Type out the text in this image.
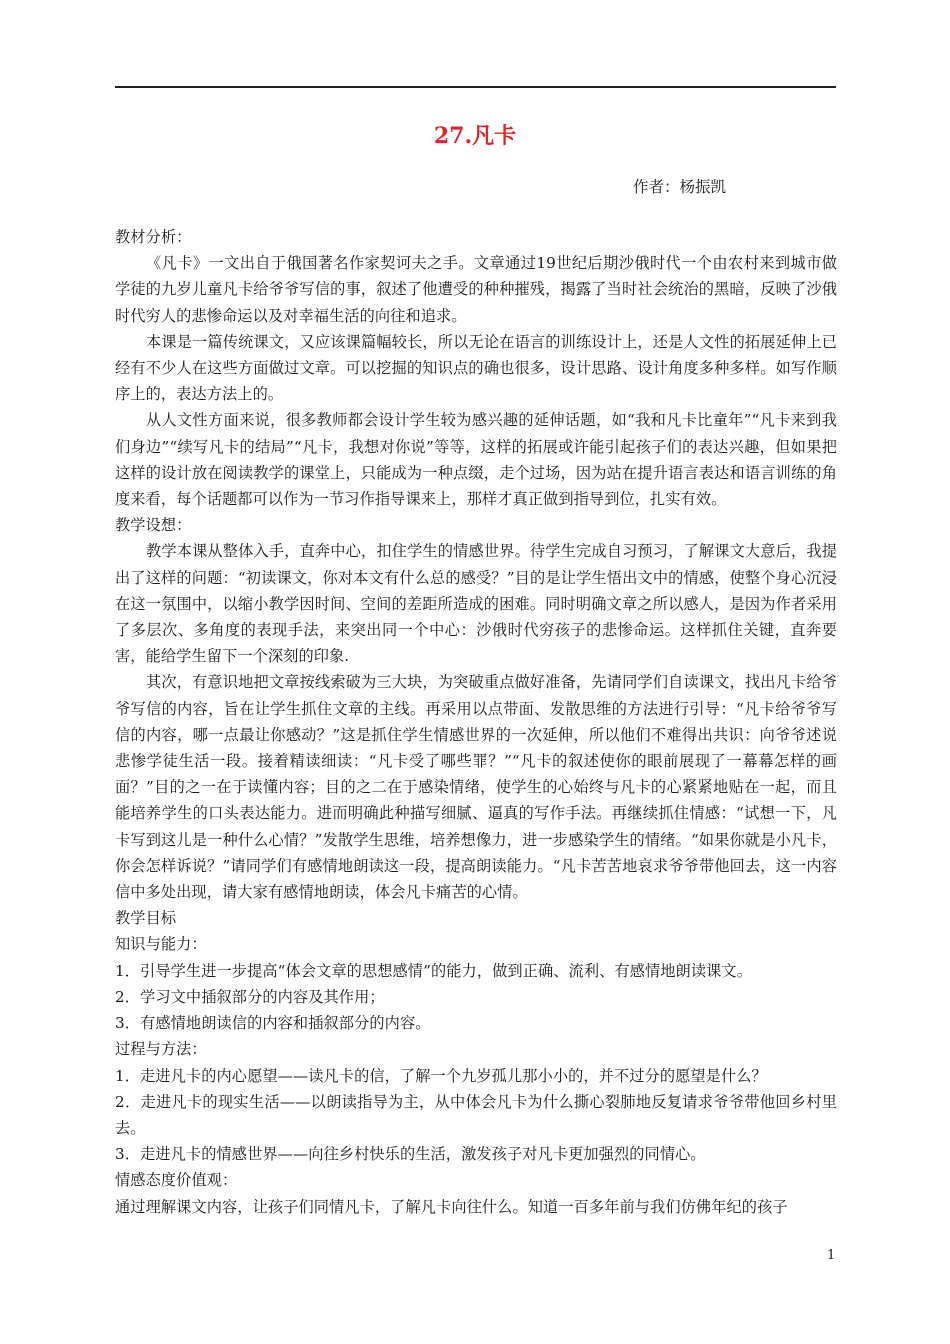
27.凡卡
作者：杨振凯

教材分析：

《凡卡》一文出自于俄国著名作家契诃夫之手。文章通过19世纪后期沙俄时代一个由农村来到城市做学徒的九岁儿童凡卡给爷爷写信的事，叙述了他遭受的种种摧残，揭露了当时社会统治的黑暗，反映了沙俄时代穷人的悲惨命运以及对幸福生活的向往和追求。

本课是一篇传统课文，又应该课篇幅较长，所以无论在语言的训练设计上，还是人文性的拓展延伸上已经有不少人在这些方面做过文章。可以挖掘的知识点的确也很多，设计思路、设计角度多种多样。如写作顺序上的，表达方法上的。

从人文性方面来说，很多教师都会设计学生较为感兴趣的延伸话题，如“我和凡卡比童年”“凡卡来到我们身边”“续写凡卡的结局”“凡卡，我想对你说”等等，这样的拓展或许能引起孩子们的表达兴趣，但如果把这样的设计放在阅读教学的课堂上，只能成为一种点缀，走个过场，因为站在提升语言表达和语言训练的角度来看，每个话题都可以作为一节习作指导课来上，那样才真正做到指导到位，扎实有效。

教学设想：

教学本课从整体入手，直奔中心，扣住学生的情感世界。待学生完成自习预习，了解课文大意后，我提出了这样的问题：“初读课文，你对本文有什么总的感受？”目的是让学生悟出文中的情感，使整个身心沉浸在这一氛围中，以缩小教学因时间、空间的差距所造成的困难。同时明确文章之所以感人，是因为作者采用了多层次、多角度的表现手法，来突出同一个中心：沙俄时代穷孩子的悲惨命运。这样抓住关键，直奔要害，能给学生留下一个深刻的印象.

其次，有意识地把文章按线索破为三大块，为突破重点做好准备，先请同学们自读课文，找出凡卡给爷爷写信的内容，旨在让学生抓住文章的主线。再采用以点带面、发散思维的方法进行引导：“凡卡给爷爷写信的内容，哪一点最让你感动？”这是抓住学生情感世界的一次延伸，所以他们不难得出共识：向爷爷述说悲惨学徒生活一段。接着精读细读：“凡卡受了哪些罪？”“凡卡的叙述使你的眼前展现了一幕幕怎样的画面？”目的之一在于读懂内容；目的之二在于感染情绪，使学生的心始终与凡卡的心紧紧地贴在一起，而且能培养学生的口头表达能力。进而明确此种描写细腻、逼真的写作手法。再继续抓住情感：“试想一下，凡卡写到这儿是一种什么心情？”发散学生思维，培养想像力，进一步感染学生的情绪。“如果你就是小凡卡，你会怎样诉说？”请同学们有感情地朗读这一段，提高朗读能力。“凡卡苦苦地哀求爷爷带他回去，这一内容信中多处出现，请大家有感情地朗读，体会凡卡痛苦的心情。

教学目标

知识与能力：

1．引导学生进一步提高“体会文章的思想感情”的能力，做到正确、流利、有感情地朗读课文。

2．学习文中插叙部分的内容及其作用；

3．有感情地朗读信的内容和插叙部分的内容。

过程与方法：

1．走进凡卡的内心愿望——读凡卡的信，了解一个九岁孤儿那小小的，并不过分的愿望是什么？

2．走进凡卡的现实生活——以朗读指导为主，从中体会凡卡为什么撕心裂肺地反复请求爷爷带他回乡村里去。

3．走进凡卡的情感世界——向往乡村快乐的生活，激发孩子对凡卡更加强烈的同情心。

情感态度价值观：

通过理解课文内容，让孩子们同情凡卡，了解凡卡向往什么。知道一百多年前与我们仿佛年纪的孩子

1
